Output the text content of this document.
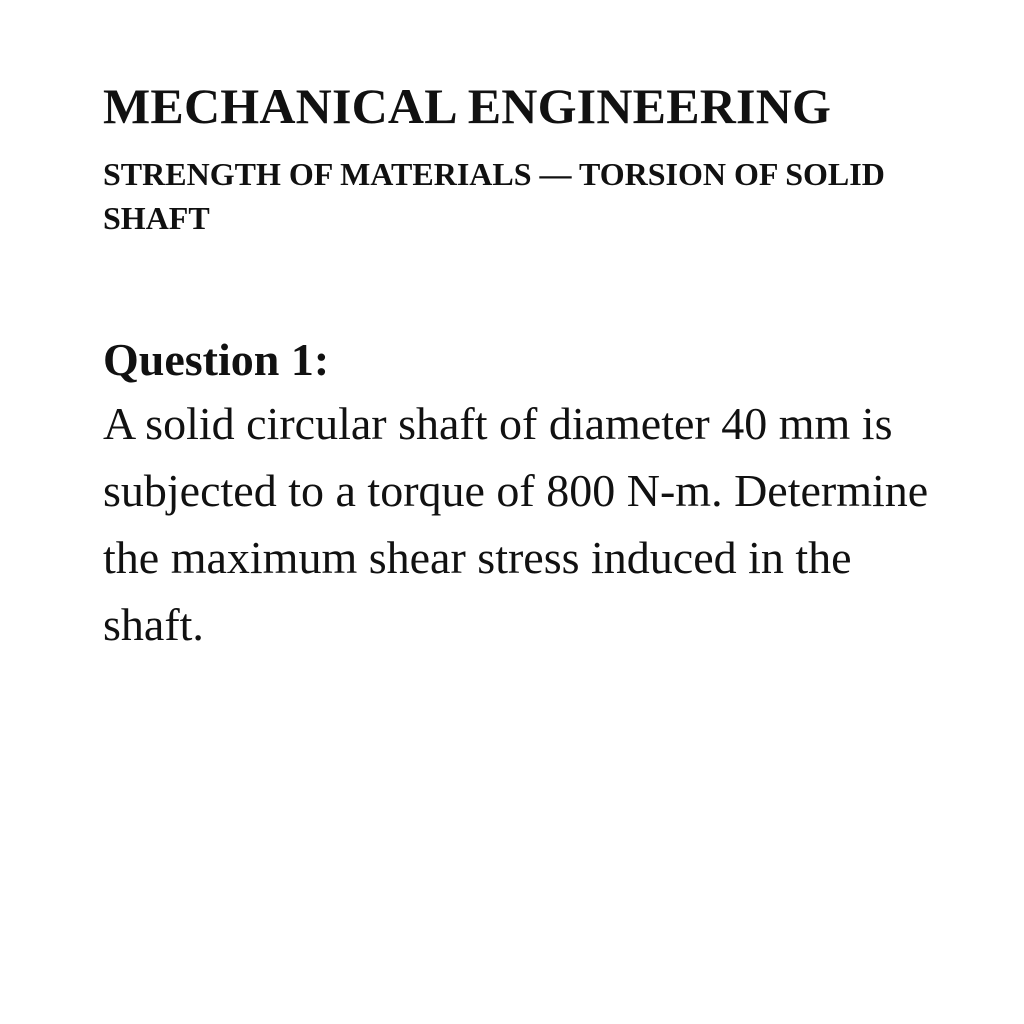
MECHANICAL ENGINEERING
STRENGTH OF MATERIALS — TORSION OF SOLID SHAFT
Question 1:
A solid circular shaft of diameter 40 mm is subjected to a torque of 800 N-m. Determine the maximum shear stress induced in the shaft.
